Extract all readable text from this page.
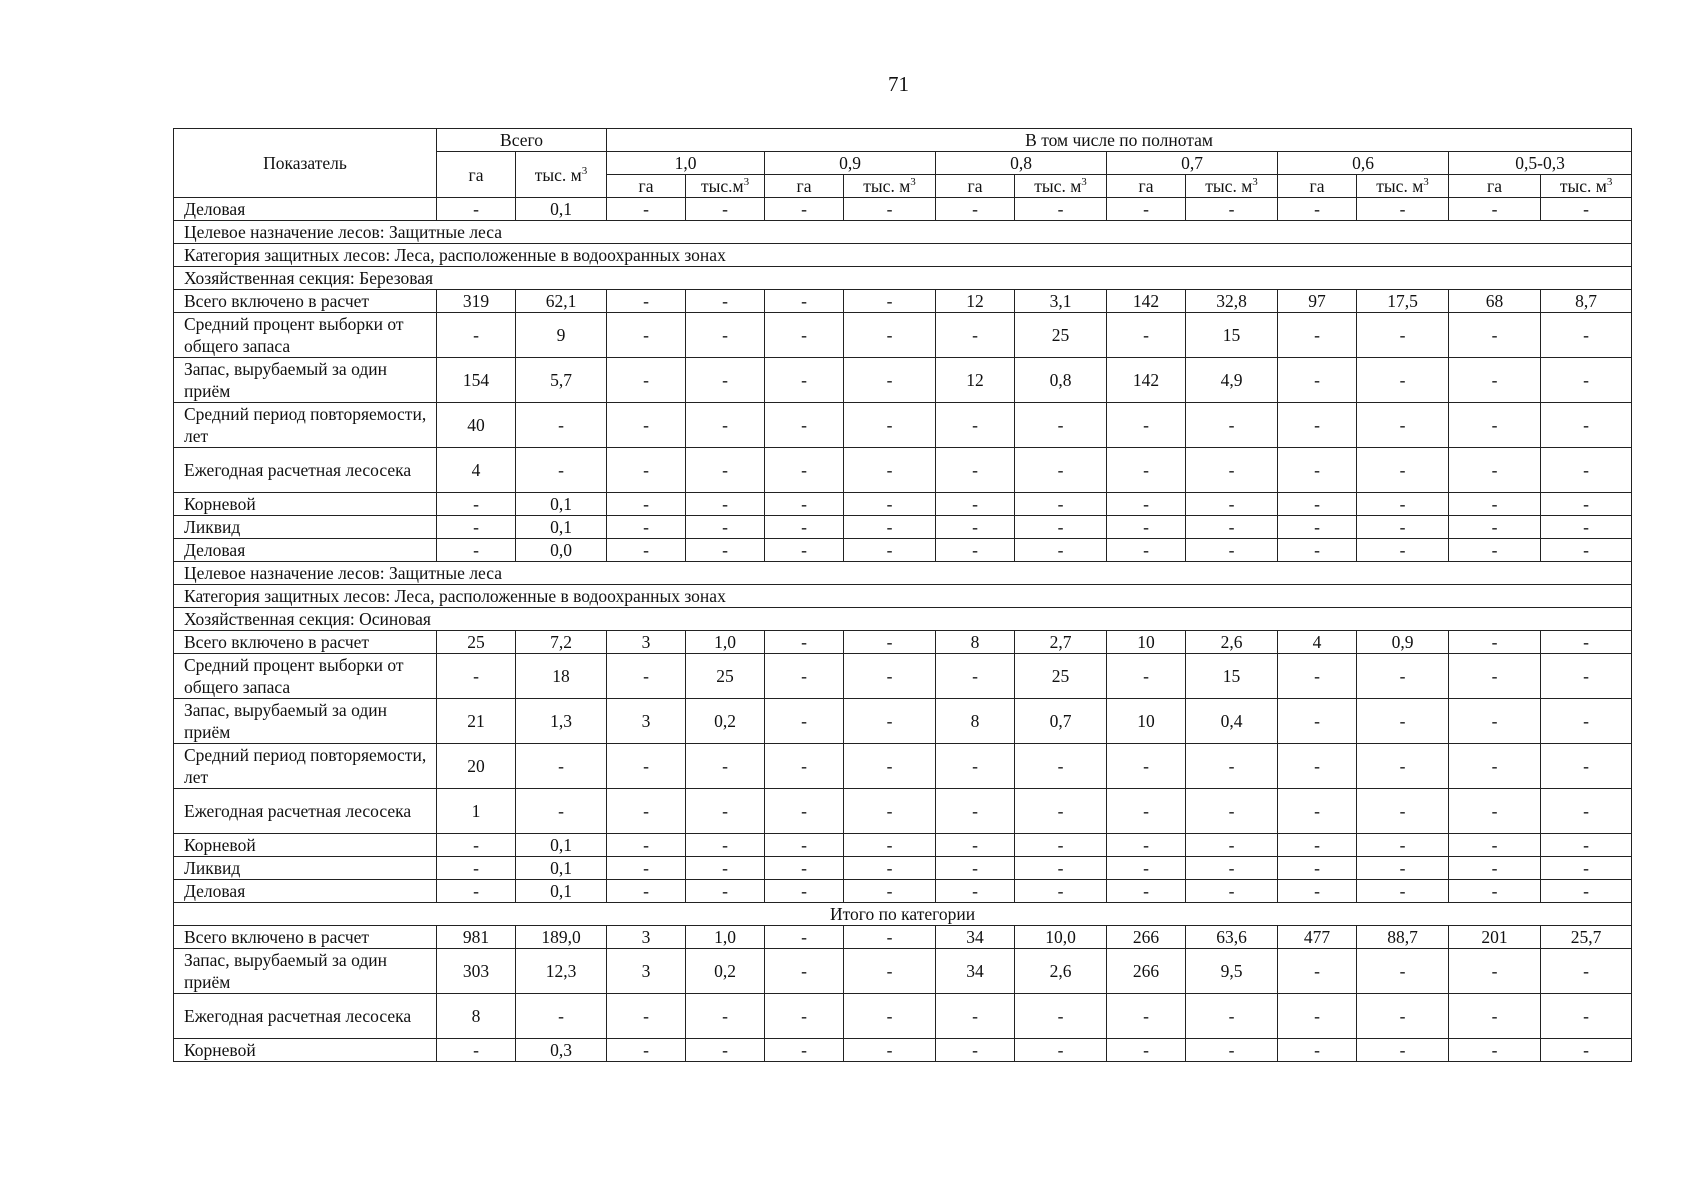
71
Показатель	Всего		В том числе по полнотам											
	га	тыс. $м^3$	1,0		0,9		0,8		0,7		0,6		0,5-0,3	
			га	$тыс.м^3$	га	тыс. $м^3$	га	тыс. $м^3$	га	тыс. $м^3$	га	тыс. $м^3$	га	тыс. $м^3$
Деловая	-	0,1	-	-	-	-	-	-	-	-	-	-	-	-
Целевое назначение лесов: Защитные леса														
Категория защитных лесов: Леса, расположенные в водоохранных зонах														
Хозяйственная секция: Березовая														
Всего включено в расчет	319	62,1	-	-	-	-	12	3,1	142	32,8	97	17,5	68	8,7
Средний процент выборки от общего запаса	-	9	-	-	-	-	-	25	-	15	-	-	-	-
Запас, вырубаемый за один приём	154	5,7	-	-	-	-	12	0,8	142	4,9	-	-	-	-
Средний период повторяемости, лет	40	-	-	-	-	-	-	-	-	-	-	-	-	-
Ежегодная расчетная лесосека	4	-	-	-	-	-	-	-	-	-	-	-	-	-
Корневой	-	0,1	-	-	-	-	-	-	-	-	-	-	-	-
Ликвид	-	0,1	-	-	-	-	-	-	-	-	-	-	-	-
Деловая	-	0,0	-	-	-	-	-	-	-	-	-	-	-	-
Целевое назначение лесов: Защитные леса														
Категория защитных лесов: Леса, расположенные в водоохранных зонах														
Хозяйственная секция: Осиновая														
Всего включено в расчет	25	7,2	3	1,0	-	-	8	2,7	10	2,6	4	0,9	-	-
Средний процент выборки от общего запаса	-	18	-	25	-	-	-	25	-	15	-	-	-	-
Запас, вырубаемый за один приём	21	1,3	3	0,2	-	-	8	0,7	10	0,4	-	-	-	-
Средний период повторяемости, лет	20	-	-	-	-	-	-	-	-	-	-	-	-	-
Ежегодная расчетная лесосека	1	-	-	-	-	-	-	-	-	-	-	-	-	-
Корневой	-	0,1	-	-	-	-	-	-	-	-	-	-	-	-
Ликвид	-	0,1	-	-	-	-	-	-	-	-	-	-	-	-
Деловая	-	0,1	-	-	-	-	-	-	-	-	-	-	-	-
Итого по категории														
Всего включено в расчет	981	189,0	3	1,0	-	-	34	10,0	266	63,6	477	88,7	201	25,7
Запас, вырубаемый за один приём	303	12,3	3	0,2	-	-	34	2,6	266	9,5	-	-	-	-
Ежегодная расчетная лесосека	8	-	-	-	-	-	-	-	-	-	-	-	-	-
Корневой	-	0,3	-	-	-	-	-	-	-	-	-	-	-	-
